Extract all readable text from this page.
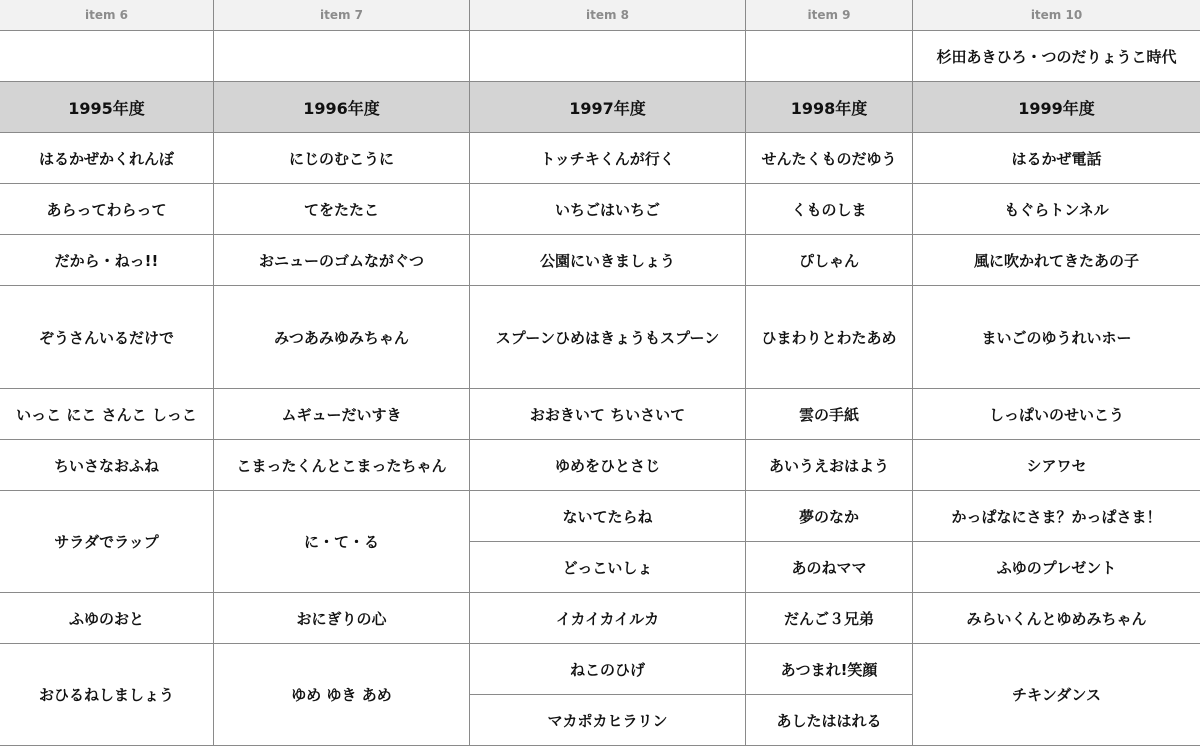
item 6	item 7	item 8	item 9	item 10
				杉田あきひろ・つのだりょうこ時代
1995年度	1996年度	1997年度	1998年度	1999年度
はるかぜかくれんぼ	にじのむこうに	トッチキくんが行く	せんたくものだゆう	はるかぜ電話
あらってわらって	てをたたこ	いちごはいちご	くものしま	もぐらトンネル
だから・ねっ!!	おニューのゴムながぐつ	公園にいきましょう	ぴしゃん	風に吹かれてきたあの子
ぞうさんいるだけで	みつあみゆみちゃん	スプーンひめはきょうもスプーン	ひまわりとわたあめ	まいごのゆうれいホー
いっこ にこ さんこ しっこ	ムギューだいすき	おおきいて ちいさいて	雲の手紙	しっぱいのせいこう
ちいさなおふね	こまったくんとこまったちゃん	ゆめをひとさじ	あいうえおはよう	シアワセ
サラダでラップ	に・て・る	ないてたらね	夢のなか	かっぱなにさま？かっぱさま！
		どっこいしょ	あのねママ	ふゆのプレゼント
ふゆのおと	おにぎりの心	イカイカイルカ	だんご３兄弟	みらいくんとゆめみちゃん
おひるねしましょう	ゆめ ゆき あめ	ねこのひげ	あつまれ!笑顔	チキンダンス
		マカポカヒラリン	あしたははれる	
